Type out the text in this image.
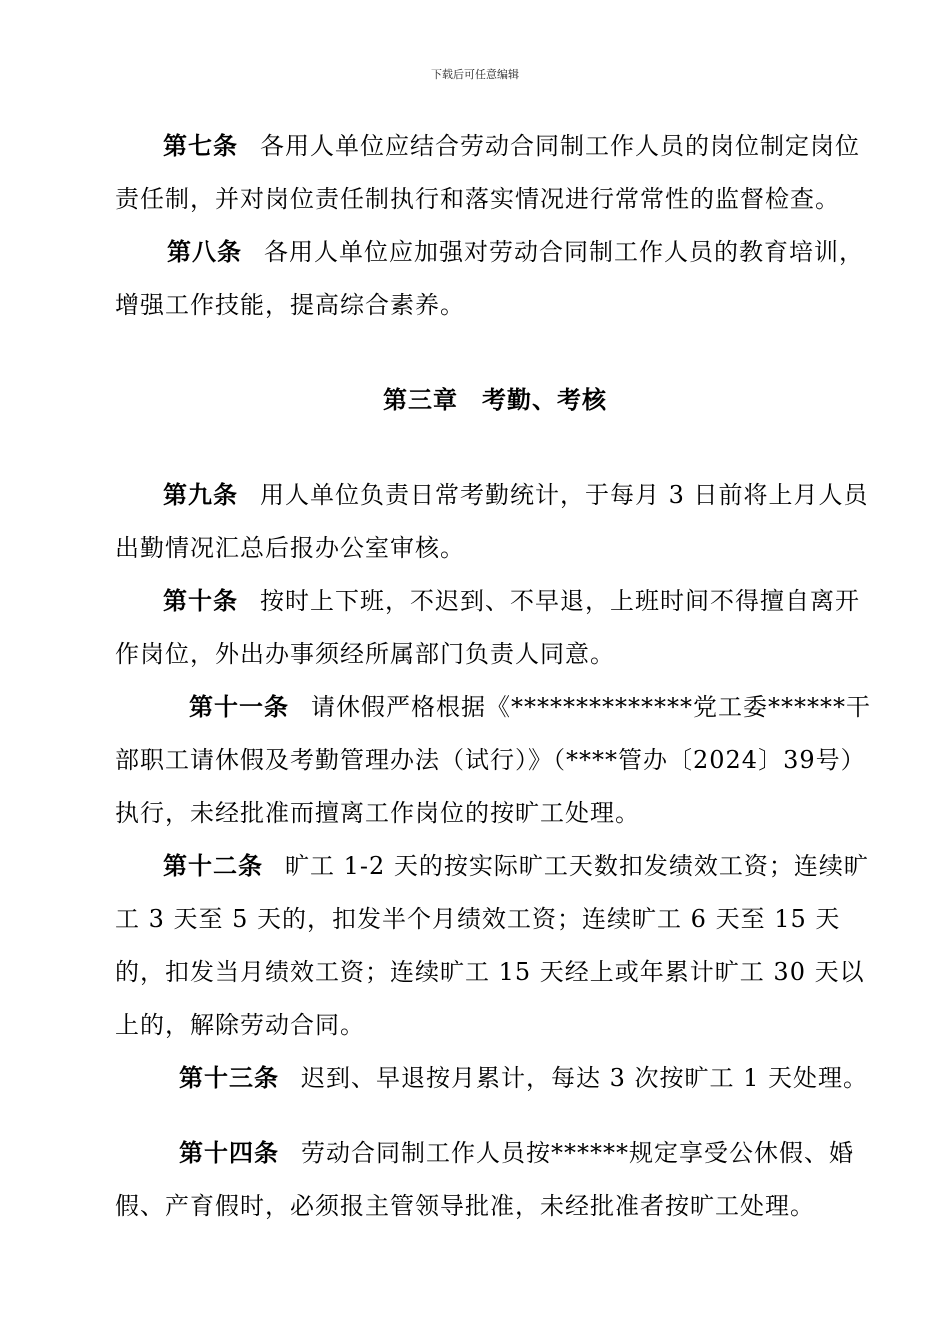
下载后可任意编辑

第七条 各用人单位应结合劳动合同制工作人员的岗位制定岗位责任制，并对岗位责任制执行和落实情况进行常常性的监督检查。

第八条 各用人单位应加强对劳动合同制工作人员的教育培训，增强工作技能，提高综合素养。

第三章 考勤、考核

第九条 用人单位负责日常考勤统计，于每月 3 日前将上月人员出勤情况汇总后报办公室审核。

第十条 按时上下班，不迟到、不早退，上班时间不得擅自离开作岗位，外出办事须经所属部门负责人同意。

第十一条 请休假严格根据《**************党工委******干部职工请休假及考勤管理办法（试行）》（****管办〔2024〕39号）执行，未经批准而擅离工作岗位的按旷工处理。

第十二条 旷工 1-2 天的按实际旷工天数扣发绩效工资；连续旷工 3 天至 5 天的，扣发半个月绩效工资；连续旷工 6 天至 15 天的，扣发当月绩效工资；连续旷工 15 天经上或年累计旷工 30 天以上的，解除劳动合同。

第十三条 迟到、早退按月累计，每达 3 次按旷工 1 天处理。

第十四条 劳动合同制工作人员按******规定享受公休假、婚假、产育假时，必须报主管领导批准，未经批准者按旷工处理。
